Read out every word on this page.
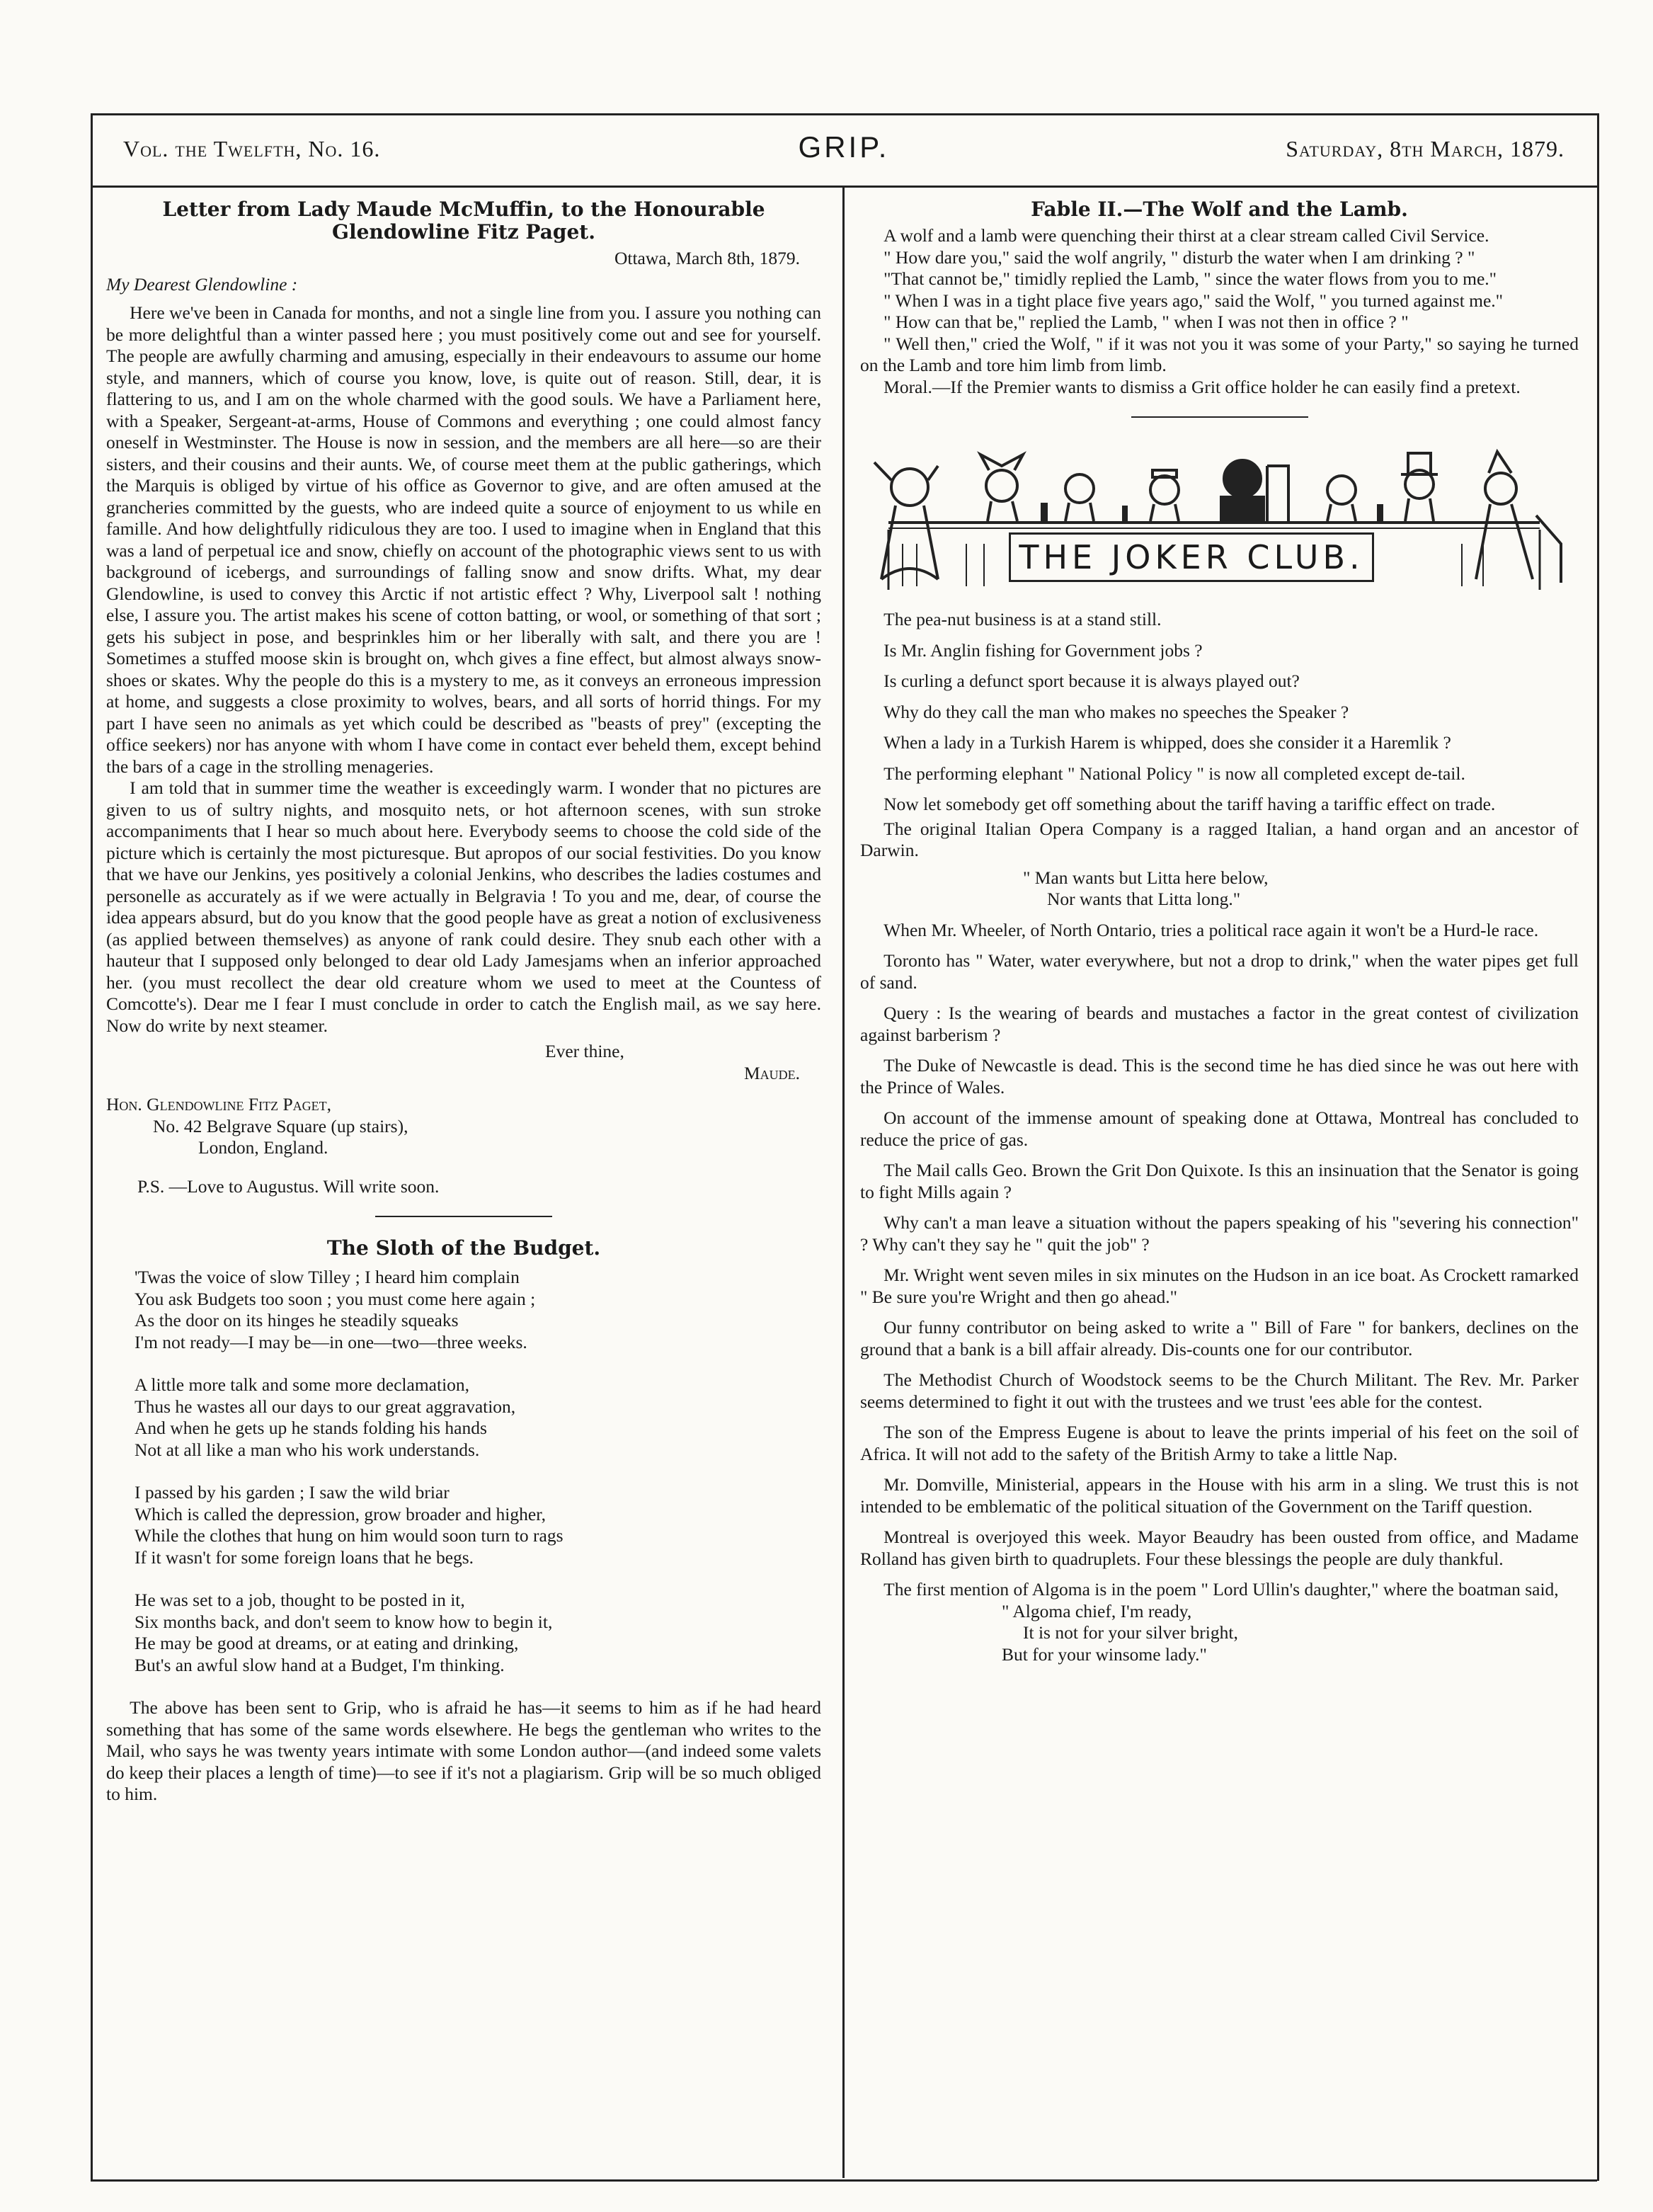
Vol. the Twelfth, No. 16.	GRIP.	Saturday, 8th March, 1879.
Letter from Lady Maude McMuffin, to the Honourable Glendowline Fitz Paget.

Ottawa, March 8th, 1879.

My Dearest Glendowline :

Here we've been in Canada for months, and not a single line from you. I assure you nothing can be more delightful than a winter passed here ; you must positively come out and see for yourself. The people are awfully charming and amusing, especially in their endeavours to assume our home style, and manners, which of course you know, love, is quite out of reason. Still, dear, it is flattering to us, and I am on the whole charmed with the good souls. We have a Parliament here, with a Speaker, Sergeant-at-arms, House of Commons and everything ; one could almost fancy oneself in Westminster. The House is now in session, and the members are all here—so are their sisters, and their cousins and their aunts. We, of course meet them at the public gatherings, which the Marquis is obliged by virtue of his office as Governor to give, and are often amused at the grancheries committed by the guests, who are indeed quite a source of enjoyment to us while en famille. And how delightfully ridiculous they are too. I used to imagine when in England that this was a land of perpetual ice and snow, chiefly on account of the photographic views sent to us with background of icebergs, and surroundings of falling snow and snow drifts. What, my dear Glendowline, is used to convey this Arctic if not artistic effect ? Why, Liverpool salt ! nothing else, I assure you. The artist makes his scene of cotton batting, or wool, or something of that sort ; gets his subject in pose, and besprinkles him or her liberally with salt, and there you are ! Sometimes a stuffed moose skin is brought on, whch gives a fine effect, but almost always snow-shoes or skates. Why the people do this is a mystery to me, as it conveys an erroneous impression at home, and suggests a close proximity to wolves, bears, and all sorts of horrid things. For my part I have seen no animals as yet which could be described as "beasts of prey" (excepting the office seekers) nor has anyone with whom I have come in contact ever beheld them, except behind the bars of a cage in the strolling menageries.

I am told that in summer time the weather is exceedingly warm. I wonder that no pictures are given to us of sultry nights, and mosquito nets, or hot afternoon scenes, with sun stroke accompaniments that I hear so much about here. Everybody seems to choose the cold side of the picture which is certainly the most picturesque. But apropos of our social festivities. Do you know that we have our Jenkins, yes positively a colonial Jenkins, who describes the ladies costumes and personelle as accurately as if we were actually in Belgravia ! To you and me, dear, of course the idea appears absurd, but do you know that the good people have as great a notion of exclusiveness (as applied between themselves) as anyone of rank could desire. They snub each other with a hauteur that I supposed only belonged to dear old Lady Jamesjams when an inferior approached her. (you must recollect the dear old creature whom we used to meet at the Countess of Comcotte's). Dear me I fear I must conclude in order to catch the English mail, as we say here. Now do write by next steamer.

Ever thine,

Maude.

Hon. Glendowline Fitz Paget,

No. 42 Belgrave Square (up stairs),

London, England.

P.S. —Love to Augustus. Will write soon.

The Sloth of the Budget.
'Twas the voice of slow Tilley ; I heard him complain
You ask Budgets too soon ; you must come here again ;
As the door on its hinges he steadily squeaks
I'm not ready—I may be—in one—two—three weeks.
A little more talk and some more declamation,
Thus he wastes all our days to our great aggravation,
And when he gets up he stands folding his hands
Not at all like a man who his work understands.
I passed by his garden ; I saw the wild briar
Which is called the depression, grow broader and higher,
While the clothes that hung on him would soon turn to rags
If it wasn't for some foreign loans that he begs.
He was set to a job, thought to be posted in it,
Six months back, and don't seem to know how to begin it,
He may be good at dreams, or at eating and drinking,
But's an awful slow hand at a Budget, I'm thinking.

The above has been sent to Grip, who is afraid he has—it seems to him as if he had heard something that has some of the same words elsewhere. He begs the gentleman who writes to the Mail, who says he was twenty years intimate with some London author—(and indeed some valets do keep their places a length of time)—to see if it's not a plagiarism. Grip will be so much obliged to him.

Fable II.—The Wolf and the Lamb.

A wolf and a lamb were quenching their thirst at a clear stream called Civil Service.

" How dare you," said the wolf angrily, " disturb the water when I am drinking ? "

"That cannot be," timidly replied the Lamb, " since the water flows from you to me."

" When I was in a tight place five years ago," said the Wolf, " you turned against me."

" How can that be," replied the Lamb, " when I was not then in office ? "

" Well then," cried the Wolf, " if it was not you it was some of your Party," so saying he turned on the Lamb and tore him limb from limb.

Moral.—If the Premier wants to dismiss a Grit office holder he can easily find a pretext.

THE JOKER CLUB.

The pea-nut business is at a stand still.

Is Mr. Anglin fishing for Government jobs ?

Is curling a defunct sport because it is always played out?

Why do they call the man who makes no speeches the Speaker ?

When a lady in a Turkish Harem is whipped, does she consider it a Haremlik ?

The performing elephant " National Policy " is now all completed except de-tail.

Now let somebody get off something about the tariff having a tariffic effect on trade.

The original Italian Opera Company is a ragged Italian, a hand organ and an ancestor of Darwin.

" Man wants but Litta here below,
Nor wants that Litta long."

When Mr. Wheeler, of North Ontario, tries a political race again it won't be a Hurd-le race.

Toronto has " Water, water everywhere, but not a drop to drink," when the water pipes get full of sand.

Query : Is the wearing of beards and mustaches a factor in the great contest of civilization against barberism ?

The Duke of Newcastle is dead. This is the second time he has died since he was out here with the Prince of Wales.

On account of the immense amount of speaking done at Ottawa, Montreal has concluded to reduce the price of gas.

The Mail calls Geo. Brown the Grit Don Quixote. Is this an insinuation that the Senator is going to fight Mills again ?

Why can't a man leave a situation without the papers speaking of his "severing his connection" ? Why can't they say he " quit the job" ?

Mr. Wright went seven miles in six minutes on the Hudson in an ice boat. As Crockett ramarked " Be sure you're Wright and then go ahead."

Our funny contributor on being asked to write a " Bill of Fare " for bankers, declines on the ground that a bank is a bill affair already. Dis-counts one for our contributor.

The Methodist Church of Woodstock seems to be the Church Militant. The Rev. Mr. Parker seems determined to fight it out with the trustees and we trust 'ees able for the contest.

The son of the Empress Eugene is about to leave the prints imperial of his feet on the soil of Africa. It will not add to the safety of the British Army to take a little Nap.

Mr. Domville, Ministerial, appears in the House with his arm in a sling. We trust this is not intended to be emblematic of the political situation of the Government on the Tariff question.

Montreal is overjoyed this week. Mayor Beaudry has been ousted from office, and Madame Rolland has given birth to quadruplets. Four these blessings the people are duly thankful.

The first mention of Algoma is in the poem " Lord Ullin's daughter," where the boatman said,

" Algoma chief, I'm ready,
It is not for your silver bright,
But for your winsome lady."
